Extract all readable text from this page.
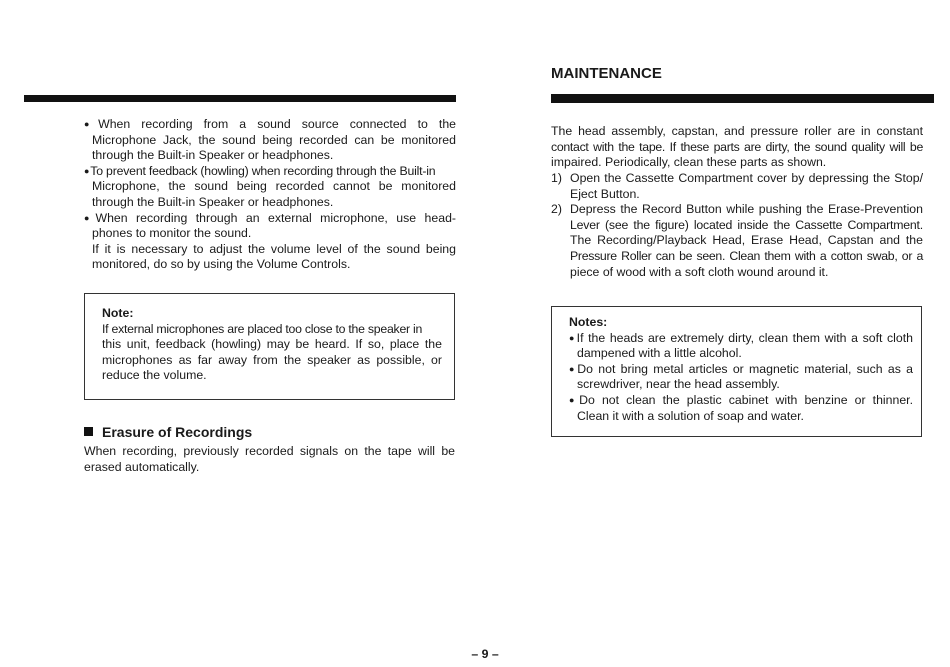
● When recording from a sound source connected to the

Microphone Jack, the sound being recorded can be monitored

through the Built-in Speaker or headphones.

● To prevent feedback (howling) when recording through the Built-in

Microphone, the sound being recorded cannot be monitored

through the Built-in Speaker or headphones.

● When recording through an external microphone, use head-

phones to monitor the sound.

If it is necessary to adjust the volume level of the sound being

monitored, do so by using the Volume Controls.

Note:

If external microphones are placed too close to the speaker in

this unit, feedback (howling) may be heard. If so, place the

microphones as far away from the speaker as possible, or

reduce the volume.

Erasure of Recordings

When recording, previously recorded signals on the tape will be

erased automatically.

MAINTENANCE

The head assembly, capstan, and pressure roller are in constant

contact with the tape. If these parts are dirty, the sound quality will be

impaired. Periodically, clean these parts as shown.

1) Open the Cassette Compartment cover by depressing the Stop/

Eject Button.

2) Depress the Record Button while pushing the Erase-Prevention

Lever (see the figure) located inside the Cassette Compartment.

The Recording/Playback Head, Erase Head, Capstan and the

Pressure Roller can be seen. Clean them with a cotton swab, or a

piece of wood with a soft cloth wound around it.

Notes:

● If the heads are extremely dirty, clean them with a soft cloth

dampened with a little alcohol.

● Do not bring metal articles or magnetic material, such as a

screwdriver, near the head assembly.

● Do not clean the plastic cabinet with benzine or thinner.

Clean it with a solution of soap and water.

– 9 –
